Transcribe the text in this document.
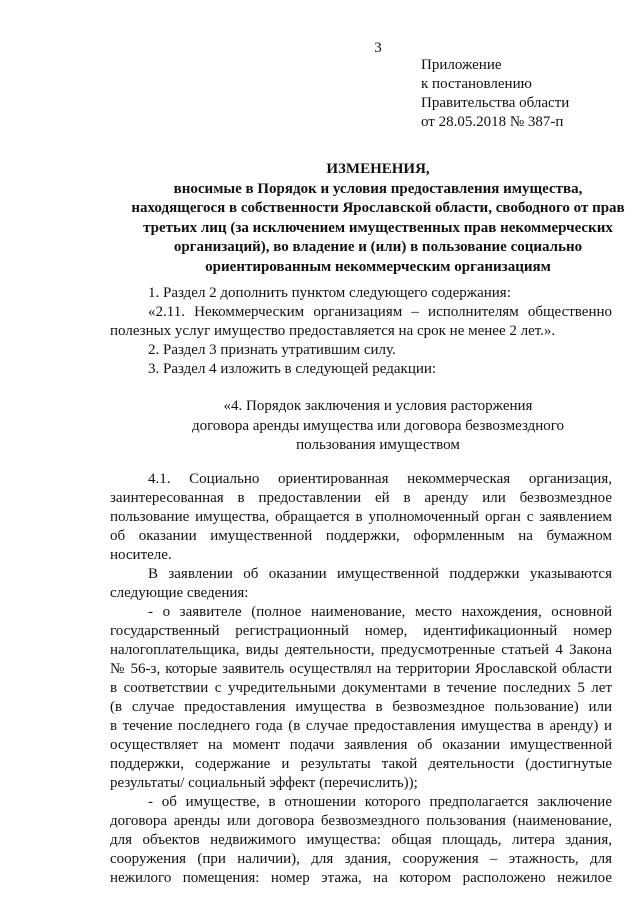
3
Приложение
к постановлению
Правительства области
от 28.05.2018 № 387-п
ИЗМЕНЕНИЯ,
вносимые в Порядок и условия предоставления имущества,
находящегося в собственности Ярославской области, свободного от прав
третьих лиц (за исключением имущественных прав некоммерческих
организаций), во владение и (или) в пользование социально
ориентированным некоммерческим организациям
1. Раздел 2 дополнить пунктом следующего содержания:
«2.11. Некоммерческим организациям – исполнителям общественно
полезных услуг имущество предоставляется на срок не менее 2 лет.».
2. Раздел 3 признать утратившим силу.
3. Раздел 4 изложить в следующей редакции:
«4. Порядок заключения и условия расторжения
договора аренды имущества или договора безвозмездного
пользования имуществом
4.1. Социально ориентированная некоммерческая организация,
заинтересованная в предоставлении ей в аренду или безвозмездное
пользование имущества, обращается в уполномоченный орган с заявлением
об оказании имущественной поддержки, оформленным на бумажном
носителе.
В заявлении об оказании имущественной поддержки указываются
следующие сведения:
- о заявителе (полное наименование, место нахождения, основной
государственный регистрационный номер, идентификационный номер
налогоплательщика, виды деятельности, предусмотренные статьей 4 Закона
№ 56-з, которые заявитель осуществлял на территории Ярославской области
в соответствии с учредительными документами в течение последних 5 лет
(в случае предоставления имущества в безвозмездное пользование) или
в течение последнего года (в случае предоставления имущества в аренду) и
осуществляет на момент подачи заявления об оказании имущественной
поддержки, содержание и результаты такой деятельности (достигнутые
результаты/ социальный эффект (перечислить));
- об имуществе, в отношении которого предполагается заключение
договора аренды или договора безвозмездного пользования (наименование,
для объектов недвижимого имущества: общая площадь, литера здания,
сооружения (при наличии), для здания, сооружения – этажность, для
нежилого помещения: номер этажа, на котором расположено нежилое
